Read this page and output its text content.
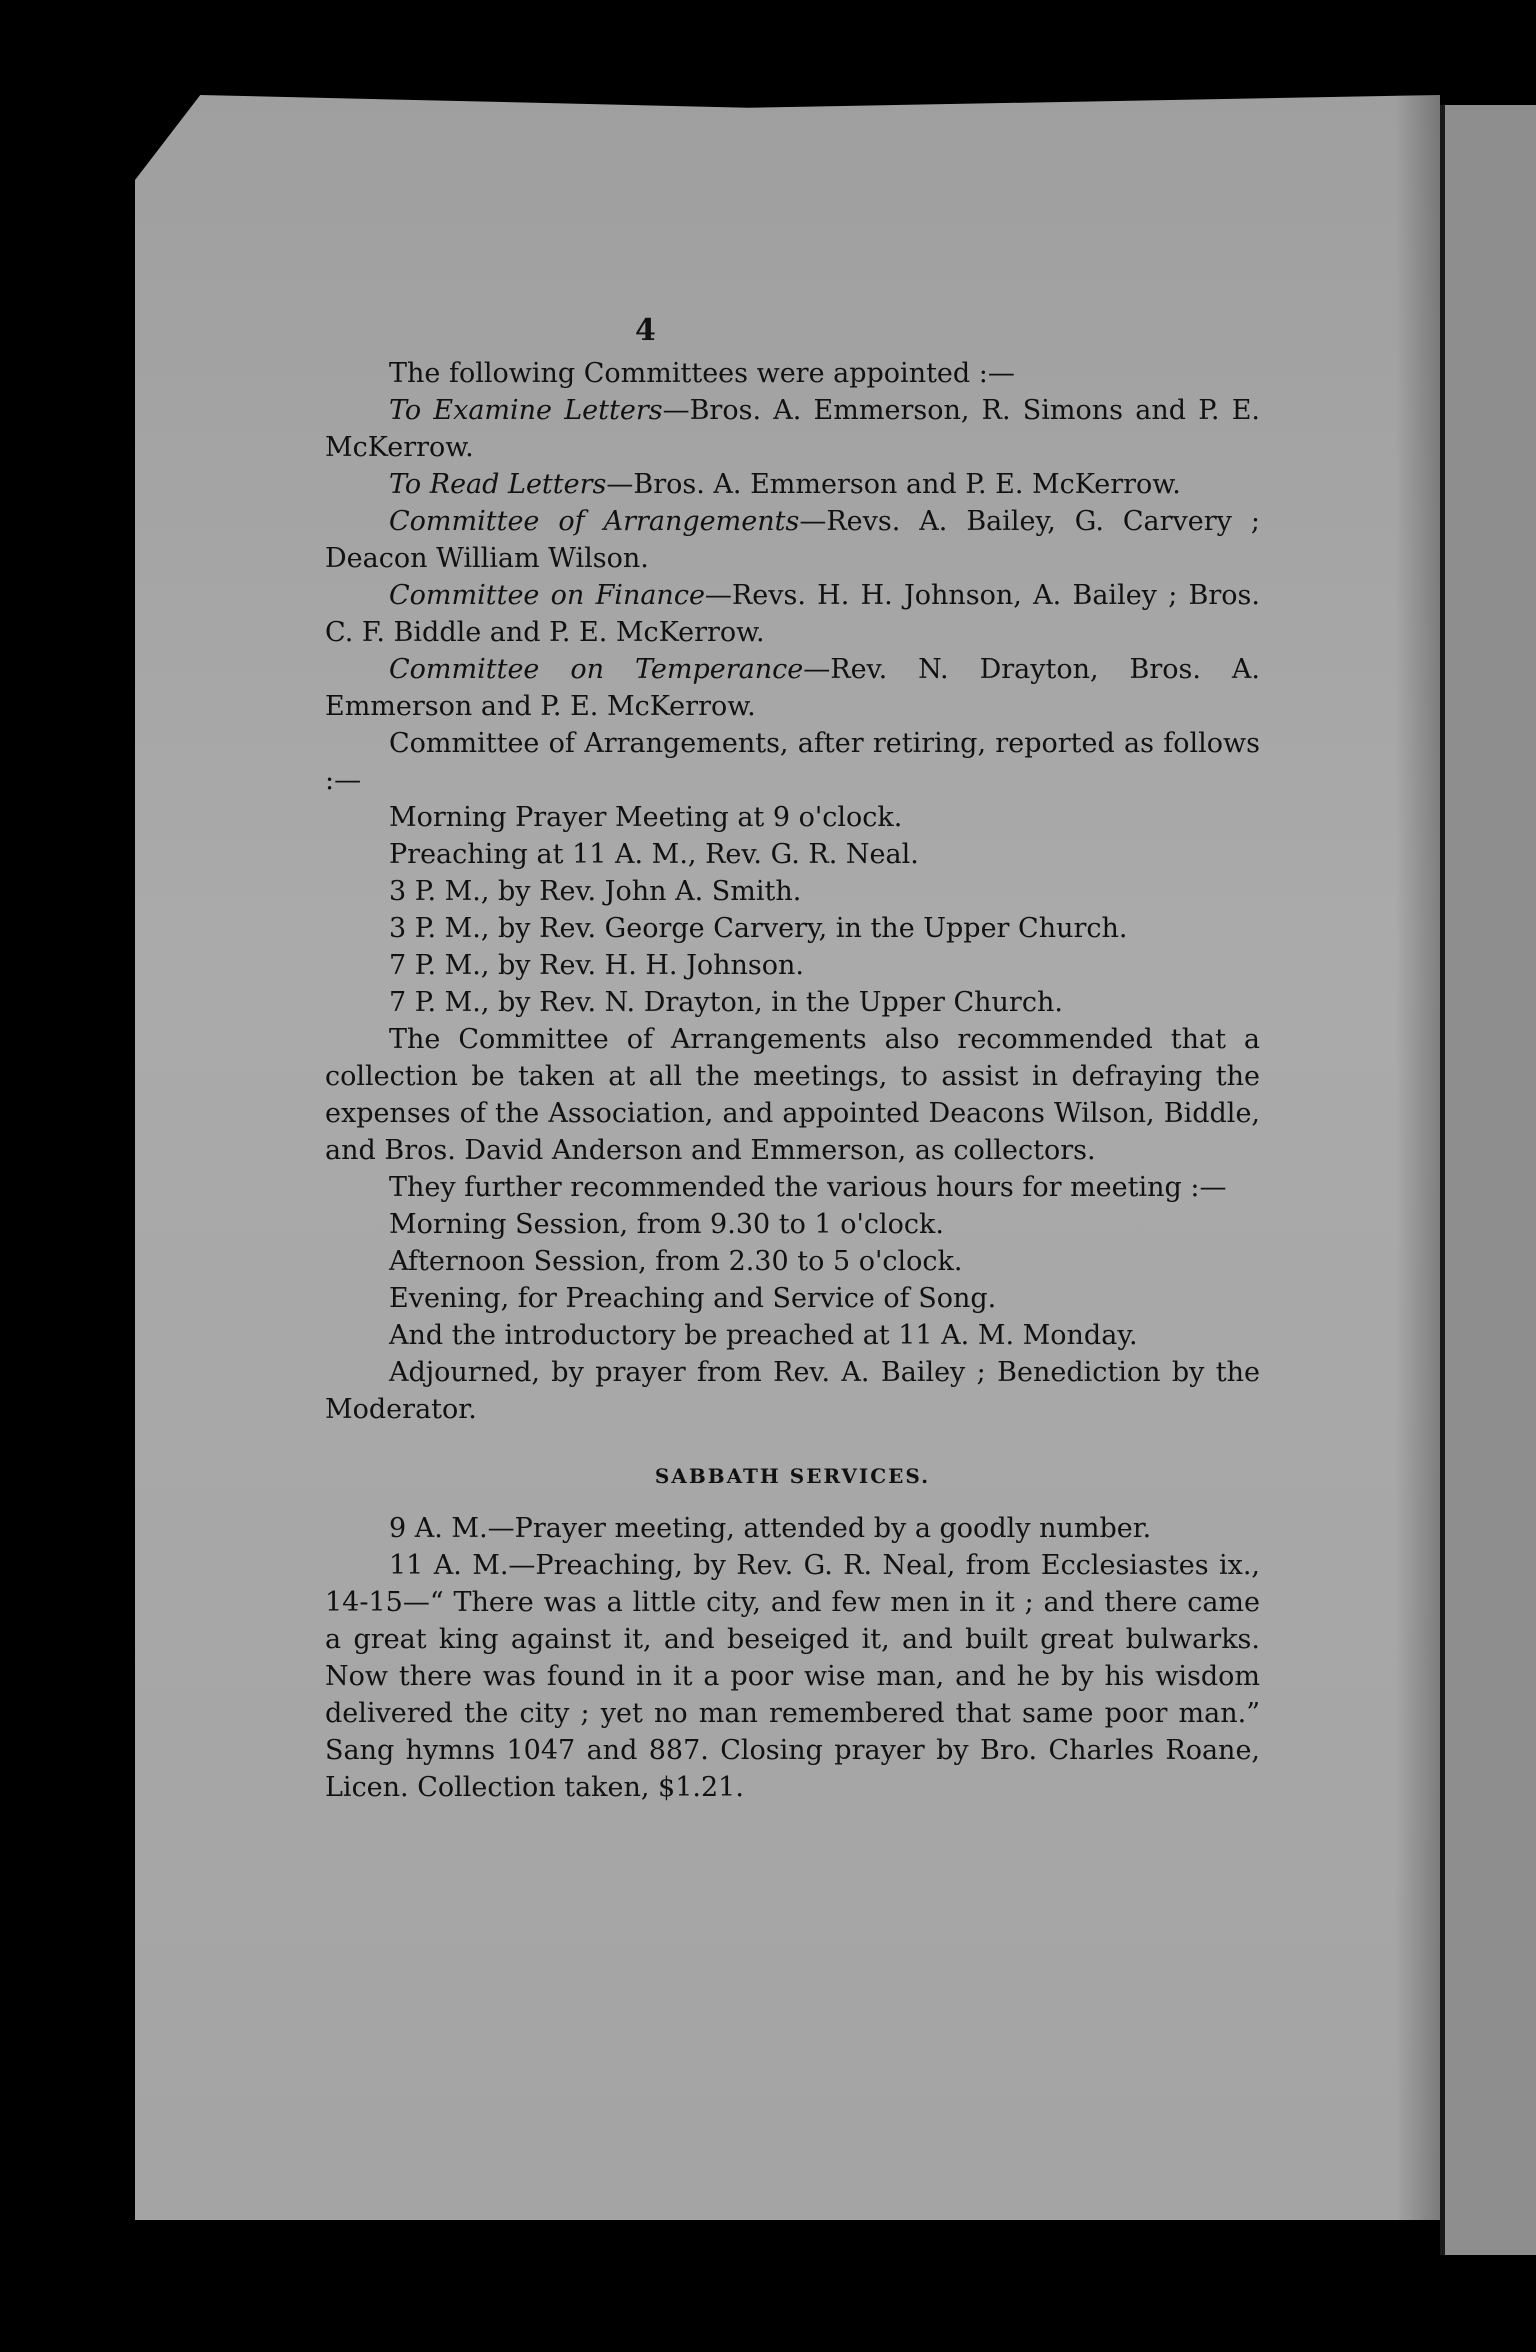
4

The following Committees were appointed :—

To Examine Letters—Bros. A. Emmerson, R. Simons and P. E. McKerrow.

To Read Letters—Bros. A. Emmerson and P. E. McKerrow.

Committee of Arrangements—Revs. A. Bailey, G. Carvery ; Deacon William Wilson.

Committee on Finance—Revs. H. H. Johnson, A. Bailey ; Bros. C. F. Biddle and P. E. McKerrow.

Committee on Temperance—Rev. N. Drayton, Bros. A. Emmerson and P. E. McKerrow.

Committee of Arrangements, after retiring, reported as follows :—

Morning Prayer Meeting at 9 o'clock.

Preaching at 11 A. M., Rev. G. R. Neal.

3 P. M., by Rev. John A. Smith.

3 P. M., by Rev. George Carvery, in the Upper Church.

7 P. M., by Rev. H. H. Johnson.

7 P. M., by Rev. N. Drayton, in the Upper Church.

The Committee of Arrangements also recommended that a collection be taken at all the meetings, to assist in defraying the expenses of the Association, and appointed Deacons Wilson, Biddle, and Bros. David Anderson and Emmerson, as collectors.

They further recommended the various hours for meeting :—

Morning Session, from 9.30 to 1 o'clock.

Afternoon Session, from 2.30 to 5 o'clock.

Evening, for Preaching and Service of Song.

And the introductory be preached at 11 A. M. Monday.

Adjourned, by prayer from Rev. A. Bailey ; Benediction by the Moderator.

SABBATH SERVICES.

9 A. M.—Prayer meeting, attended by a goodly number.

11 A. M.—Preaching, by Rev. G. R. Neal, from Ecclesiastes ix., 14-15—“ There was a little city, and few men in it ; and there came a great king against it, and beseiged it, and built great bulwarks. Now there was found in it a poor wise man, and he by his wisdom delivered the city ; yet no man remembered that same poor man.” Sang hymns 1047 and 887. Closing prayer by Bro. Charles Roane, Licen. Collection taken, $1.21.
